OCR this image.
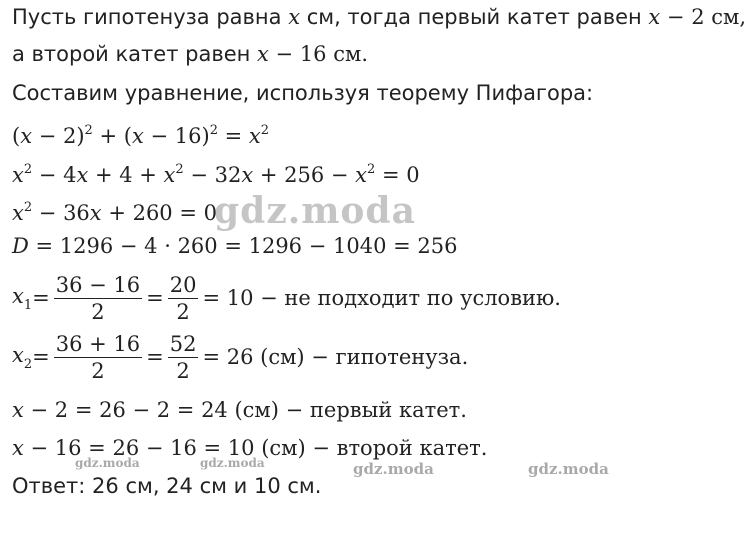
Пусть гипотенуза равна x см, тогда первый катет равен x − 2 см,
а второй катет равен x − 16 см.
Составим уравнение, используя теорему Пифагора:
$(x - 2)^2 + (x - 16)^2 = x^2$
$x^2 - 4x + 4 + x^2 - 32x + 256 - x^2 = 0$
$x^2 - 36x + 260 = 0$
D = 1296 − 4 · 260 = 1296 − 1040 = 256
$x_1 = \frac{36 - 16}{2} = \frac{20}{2} = 10$ − не подходит по условию.
$x_2 = \frac{36 + 16}{2} = \frac{52}{2} = 26$ (см) − гипотенуза.
x − 2 = 26 − 2 = 24 (см) − первый катет.
x − 16 = 26 − 16 = 10 (см) − второй катет.
Ответ: 26 см, 24 см и 10 см.
gdz.moda
gdz.moda	gdz.moda	gdz.moda	gdz.moda
